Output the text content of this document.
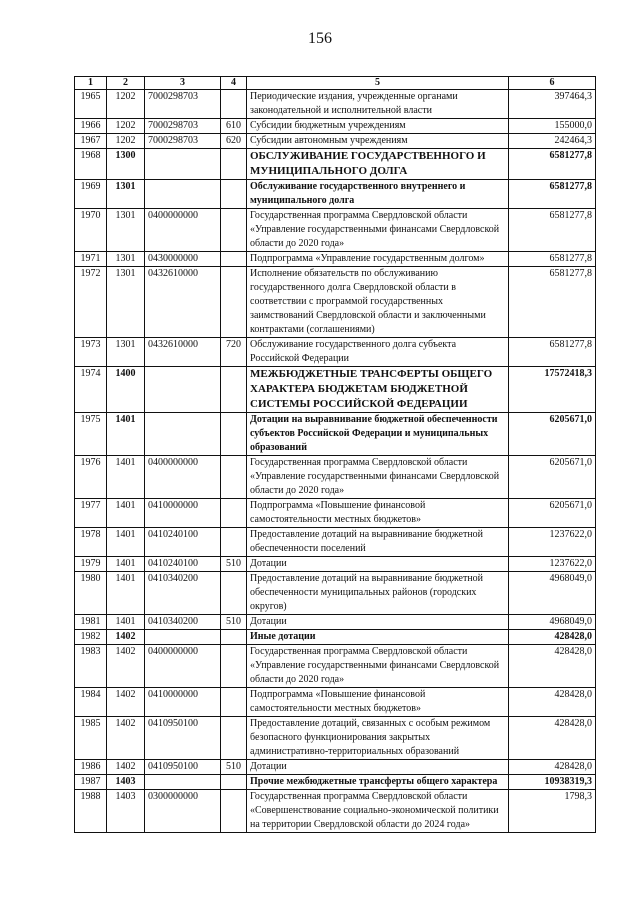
156
1	2	3	4	5	6
1965	1202	7000298703		Периодические издания, учрежденные органами законодательной и исполнительной власти	397464,3
1966	1202	7000298703	610	Субсидии бюджетным учреждениям	155000,0
1967	1202	7000298703	620	Субсидии автономным учреждениям	242464,3
1968	1300			ОБСЛУЖИВАНИЕ ГОСУДАРСТВЕННОГО И МУНИЦИПАЛЬНОГО ДОЛГА	6581277,8
1969	1301			Обслуживание государственного внутреннего и муниципального долга	6581277,8
1970	1301	0400000000		Государственная программа Свердловской области «Управление государственными финансами Свердловской области до 2020 года»	6581277,8
1971	1301	0430000000		Подпрограмма «Управление государственным долгом»	6581277,8
1972	1301	0432610000		Исполнение обязательств по обслуживанию государственного долга Свердловской области в соответствии с программой государственных заимствований Свердловской области и заключенными контрактами (соглашениями)	6581277,8
1973	1301	0432610000	720	Обслуживание государственного долга субъекта Российской Федерации	6581277,8
1974	1400			МЕЖБЮДЖЕТНЫЕ ТРАНСФЕРТЫ ОБЩЕГО ХАРАКТЕРА БЮДЖЕТАМ БЮДЖЕТНОЙ СИСТЕМЫ РОССИЙСКОЙ ФЕДЕРАЦИИ	17572418,3
1975	1401			Дотации на выравнивание бюджетной обеспеченности субъектов Российской Федерации и муниципальных образований	6205671,0
1976	1401	0400000000		Государственная программа Свердловской области «Управление государственными финансами Свердловской области до 2020 года»	6205671,0
1977	1401	0410000000		Подпрограмма «Повышение финансовой самостоятельности местных бюджетов»	6205671,0
1978	1401	0410240100		Предоставление дотаций на выравнивание бюджетной обеспеченности поселений	1237622,0
1979	1401	0410240100	510	Дотации	1237622,0
1980	1401	0410340200		Предоставление дотаций на выравнивание бюджетной обеспеченности муниципальных районов (городских округов)	4968049,0
1981	1401	0410340200	510	Дотации	4968049,0
1982	1402			Иные дотации	428428,0
1983	1402	0400000000		Государственная программа Свердловской области «Управление государственными финансами Свердловской области до 2020 года»	428428,0
1984	1402	0410000000		Подпрограмма «Повышение финансовой самостоятельности местных бюджетов»	428428,0
1985	1402	0410950100		Предоставление дотаций, связанных с особым режимом безопасного функционирования закрытых административно-территориальных образований	428428,0
1986	1402	0410950100	510	Дотации	428428,0
1987	1403			Прочие межбюджетные трансферты общего характера	10938319,3
1988	1403	0300000000		Государственная программа Свердловской области «Совершенствование социально-экономической политики на территории Свердловской области до 2024 года»	1798,3
